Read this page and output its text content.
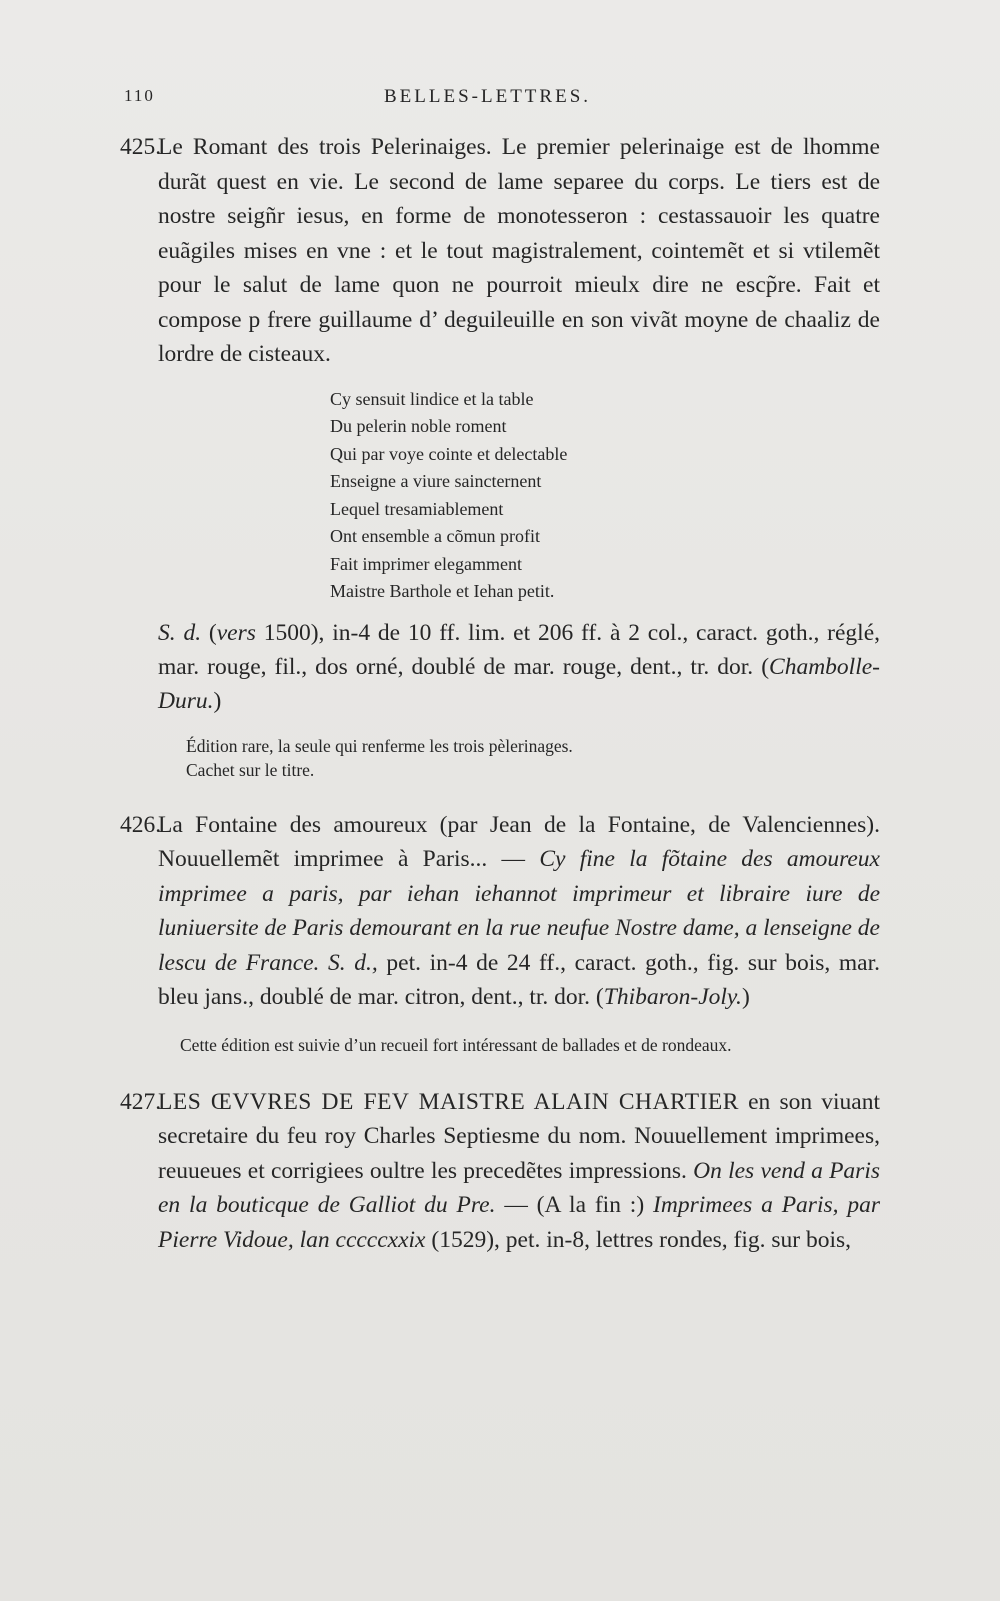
110	BELLES-LETTRES.

425.Le Romant des trois Pelerinaiges. Le premier pelerinaige est de lhomme durãt quest en vie. Le second de lame separee du corps. Le tiers est de nostre seigñr iesus, en forme de monotesseron : cestassauoir les quatre euãgiles mises en vne : et le tout magistralement, cointemẽt et si vtilemẽt pour le salut de lame quon ne pourroit mieulx dire ne escp̃re. Fait et compose p frere guillaume d’ deguileuille en son vivãt moyne de chaaliz de lordre de cisteaux.

Cy sensuit lindice et la table
Du pelerin noble roment
Qui par voye cointe et delectable
Enseigne a viure saincternent
Lequel tresamiablement
Ont ensemble a cõmun profit
Fait imprimer elegamment
Maistre Barthole et Iehan petit.

S. d. (vers 1500), in-4 de 10 ff. lim. et 206 ff. à 2 col., caract. goth., réglé, mar. rouge, fil., dos orné, doublé de mar. rouge, dent., tr. dor. (Chambolle-Duru.)

Édition rare, la seule qui renferme les trois pèlerinages.
Cachet sur le titre.

426.La Fontaine des amoureux (par Jean de la Fontaine, de Valenciennes). Nouuellemẽt imprimee à Paris... — Cy fine la fõtaine des amoureux imprimee a paris, par iehan iehannot imprimeur et libraire iure de luniuersite de Paris demourant en la rue neufue Nostre dame, a lenseigne de lescu de France. S. d., pet. in-4 de 24 ff., caract. goth., fig. sur bois, mar. bleu jans., doublé de mar. citron, dent., tr. dor. (Thibaron-Joly.)

Cette édition est suivie d’un recueil fort intéressant de ballades et de rondeaux.

427.LES ŒVVRES DE FEV MAISTRE ALAIN CHARTIER en son viuant secretaire du feu roy Charles Septiesme du nom. Nouuellement imprimees, reuueues et corrigiees oultre les precedẽtes impressions. On les vend a Paris en la bouticque de Galliot du Pre. — (A la fin :) Imprimees a Paris, par Pierre Vidoue, lan cccccxxix (1529), pet. in-8, lettres rondes, fig. sur bois,
